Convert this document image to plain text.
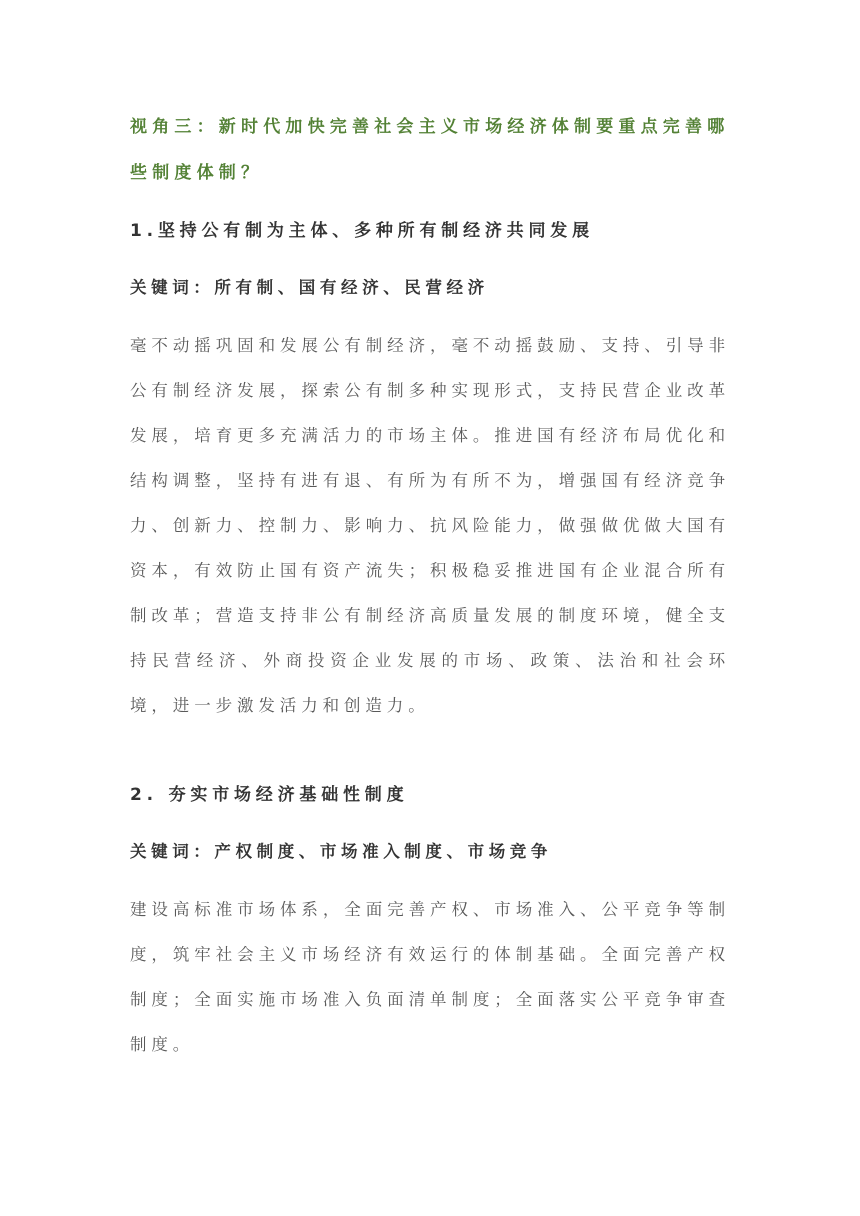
视角三：新时代加快完善社会主义市场经济体制要重点完善哪些制度体制？

1.坚持公有制为主体、多种所有制经济共同发展

关键词：所有制、国有经济、民营经济

毫不动摇巩固和发展公有制经济，毫不动摇鼓励、支持、引导非公有制经济发展，探索公有制多种实现形式，支持民营企业改革发展，培育更多充满活力的市场主体。推进国有经济布局优化和结构调整，坚持有进有退、有所为有所不为，增强国有经济竞争力、创新力、控制力、影响力、抗风险能力，做强做优做大国有资本，有效防止国有资产流失；积极稳妥推进国有企业混合所有制改革；营造支持非公有制经济高质量发展的制度环境，健全支持民营经济、外商投资企业发展的市场、政策、法治和社会环境，进一步激发活力和创造力。

2. 夯实市场经济基础性制度

关键词：产权制度、市场准入制度、市场竞争

建设高标准市场体系，全面完善产权、市场准入、公平竞争等制度，筑牢社会主义市场经济有效运行的体制基础。全面完善产权制度；全面实施市场准入负面清单制度；全面落实公平竞争审查制度。
